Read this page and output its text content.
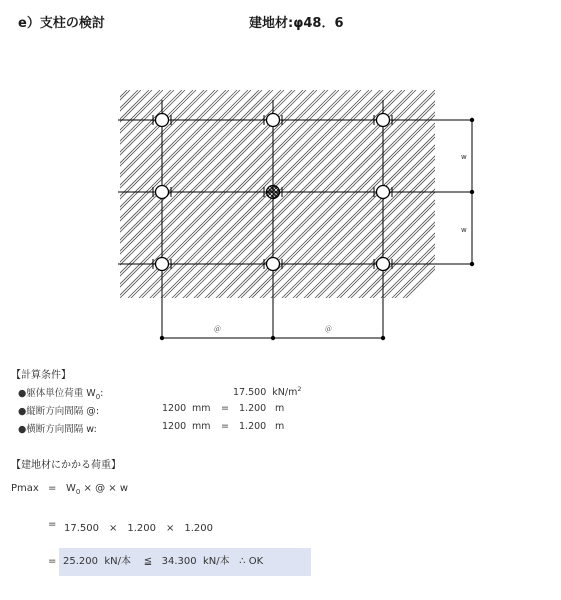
e）支柱の検討	建地材:φ48．6
w
w
＠	＠
【計算条件】
●躯体単位荷重 $W_0$:	17.500 $kN/m^2$
●縦断方向間隔 @:	1200 mm = 1.200 m
●横断方向間隔 w:	1200 mm = 1.200 m
【建地材にかかる荷重】
$Pmax = W_0$ × @ × w
= 17.500　×　1.200　×　1.200
= 25.200 kN/本 ≦ 34.300 kN/本 ∴ OK
